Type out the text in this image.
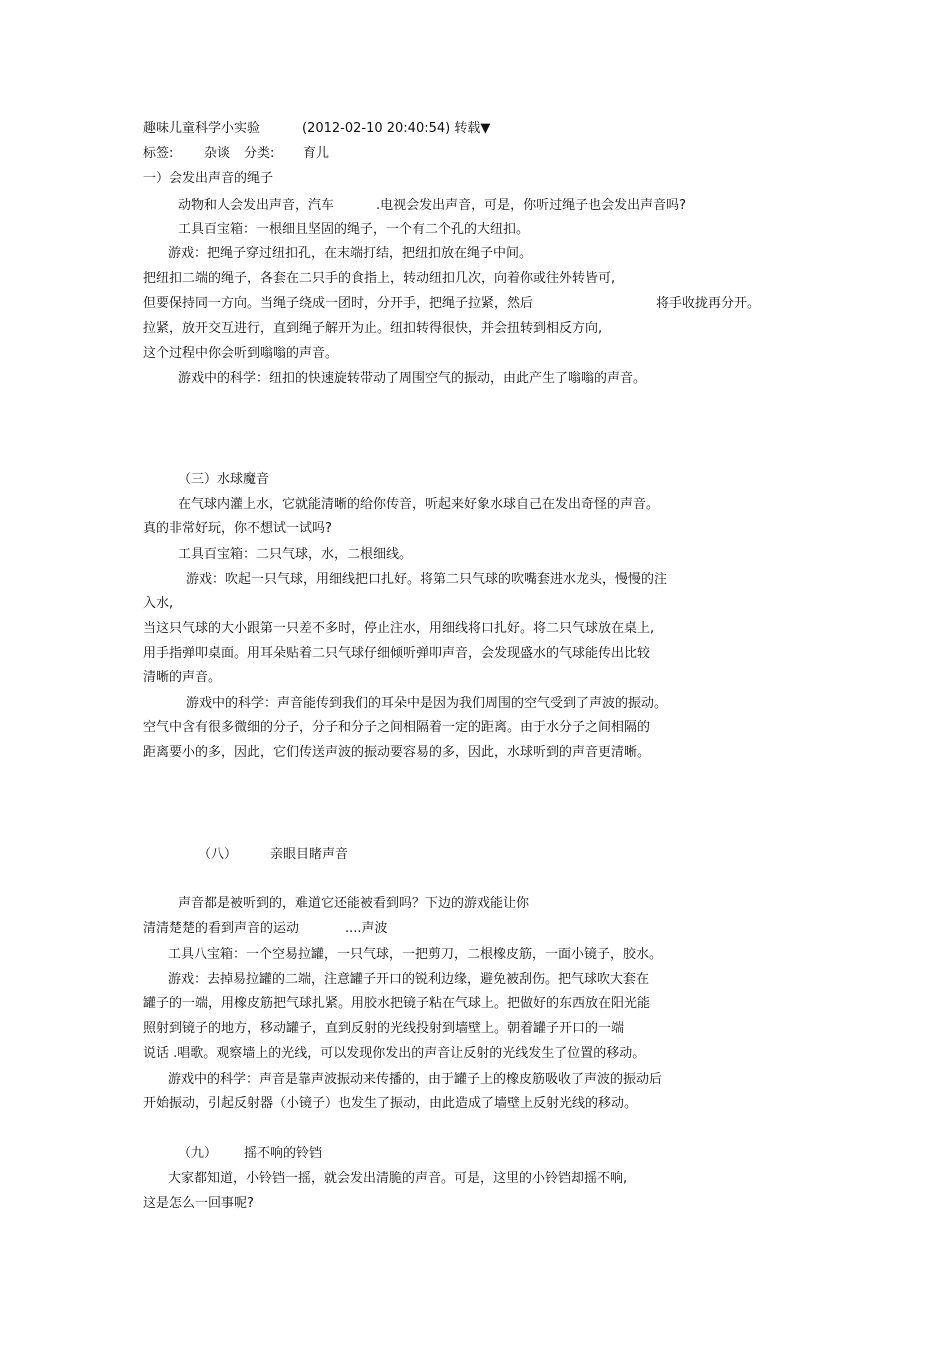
趣味儿童科学小实验	(2012-02-10 20:40:54) 转载▼
标签: 杂谈 分类: 育儿
一）会发出声音的绳子
动物和人会发出声音，汽车	.电视会发出声音，可是，你听过绳子也会发出声音吗?
工具百宝箱：一根细且坚固的绳子，一个有二个孔的大纽扣。
游戏：把绳子穿过纽扣孔，在末端打结，把纽扣放在绳子中间。
把纽扣二端的绳子，各套在二只手的食指上，转动纽扣几次，向着你或往外转皆可,
但要保持同一方向。当绳子绕成一团时，分开手，把绳子拉紧，然后	将手收拢再分开。
拉紧，放开交互进行，直到绳子解开为止。纽扣转得很快，并会扭转到相反方向,
这个过程中你会听到嗡嗡的声音。
游戏中的科学：纽扣的快速旋转带动了周围空气的振动，由此产生了嗡嗡的声音。
（三）水球魔音
在气球内灌上水，它就能清晰的给你传音，听起来好象水球自己在发出奇怪的声音。
真的非常好玩，你不想试一试吗?
工具百宝箱：二只气球，水，二根细线。
游戏：吹起一只气球，用细线把口扎好。将第二只气球的吹嘴套进水龙头，慢慢的注
入水,
当这只气球的大小跟第一只差不多时，停止注水，用细线将口扎好。将二只气球放在桌上,
用手指弹叩桌面。用耳朵贴着二只气球仔细倾听弹叩声音，会发现盛水的气球能传出比较
清晰的声音。
游戏中的科学：声音能传到我们的耳朵中是因为我们周围的空气受到了声波的振动。
空气中含有很多微细的分子，分子和分子之间相隔着一定的距离。由于水分子之间相隔的
距离要小的多，因此，它们传送声波的振动要容易的多，因此，水球听到的声音更清晰。
（八）	亲眼目睹声音
声音都是被听到的，难道它还能被看到吗？下边的游戏能让你
清清楚楚的看到声音的运动	....声波
工具八宝箱：一个空易拉罐，一只气球，一把剪刀，二根橡皮筋，一面小镜子，胶水。
游戏：去掉易拉罐的二端，注意罐子开口的锐利边缘，避免被刮伤。把气球吹大套在
罐子的一端，用橡皮筋把气球扎紧。用胶水把镜子粘在气球上。把做好的东西放在阳光能
照射到镜子的地方，移动罐子，直到反射的光线投射到墙壁上。朝着罐子开口的一端
说话 .唱歌。观察墙上的光线，可以发现你发出的声音让反射的光线发生了位置的移动。
游戏中的科学：声音是靠声波振动来传播的，由于罐子上的橡皮筋吸收了声波的振动后
开始振动，引起反射器（小镜子）也发生了振动，由此造成了墙壁上反射光线的移动。
（九） 摇不响的铃铛
大家都知道，小铃铛一摇，就会发出清脆的声音。可是，这里的小铃铛却摇不响,
这是怎么一回事呢?
